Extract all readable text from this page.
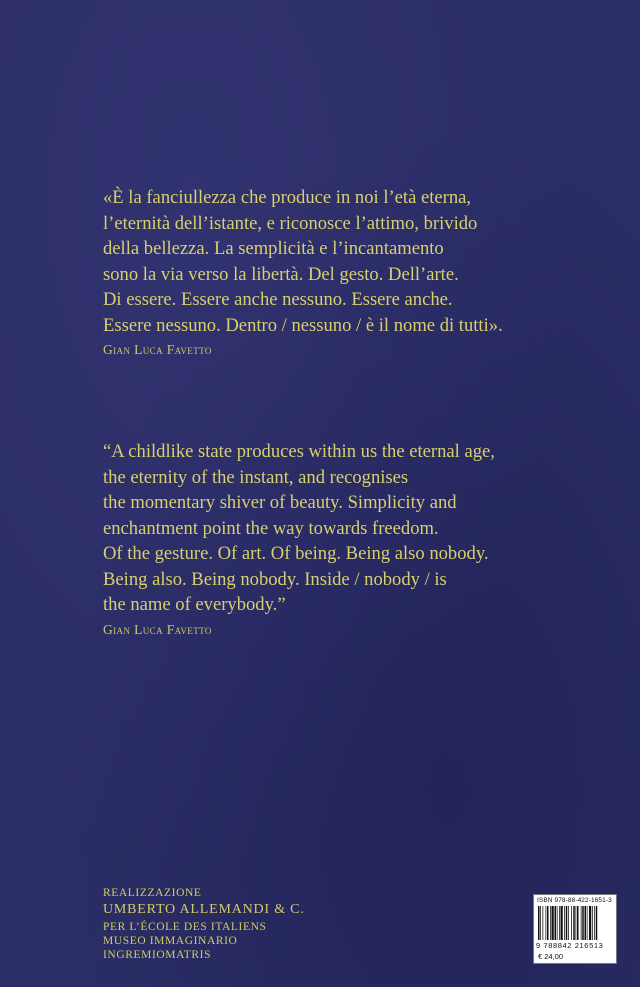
«È la fanciullezza che produce in noi l’età eterna,
l’eternità dell’istante, e riconosce l’attimo, brivido
della bellezza. La semplicità e l’incantamento
sono la via verso la libertà. Del gesto. Dell’arte.
Di essere. Essere anche nessuno. Essere anche.
Essere nessuno. Dentro / nessuno / è il nome di tutti».
Gian Luca Favetto
“A childlike state produces within us the eternal age,
the eternity of the instant, and recognises
the momentary shiver of beauty. Simplicity and
enchantment point the way towards freedom.
Of the gesture. Of art. Of being. Being also nobody.
Being also. Being nobody. Inside / nobody / is
the name of everybody.”
Gian Luca Favetto
REALIZZAZIONE
UMBERTO ALLEMANDI & C.
PER L’ÉCOLE DES ITALIENS
MUSEO IMMAGINARIO
INGREMIOMATRIS
ISBN 978-88-422-1651-3
9 788842 216513
€ 24,00
